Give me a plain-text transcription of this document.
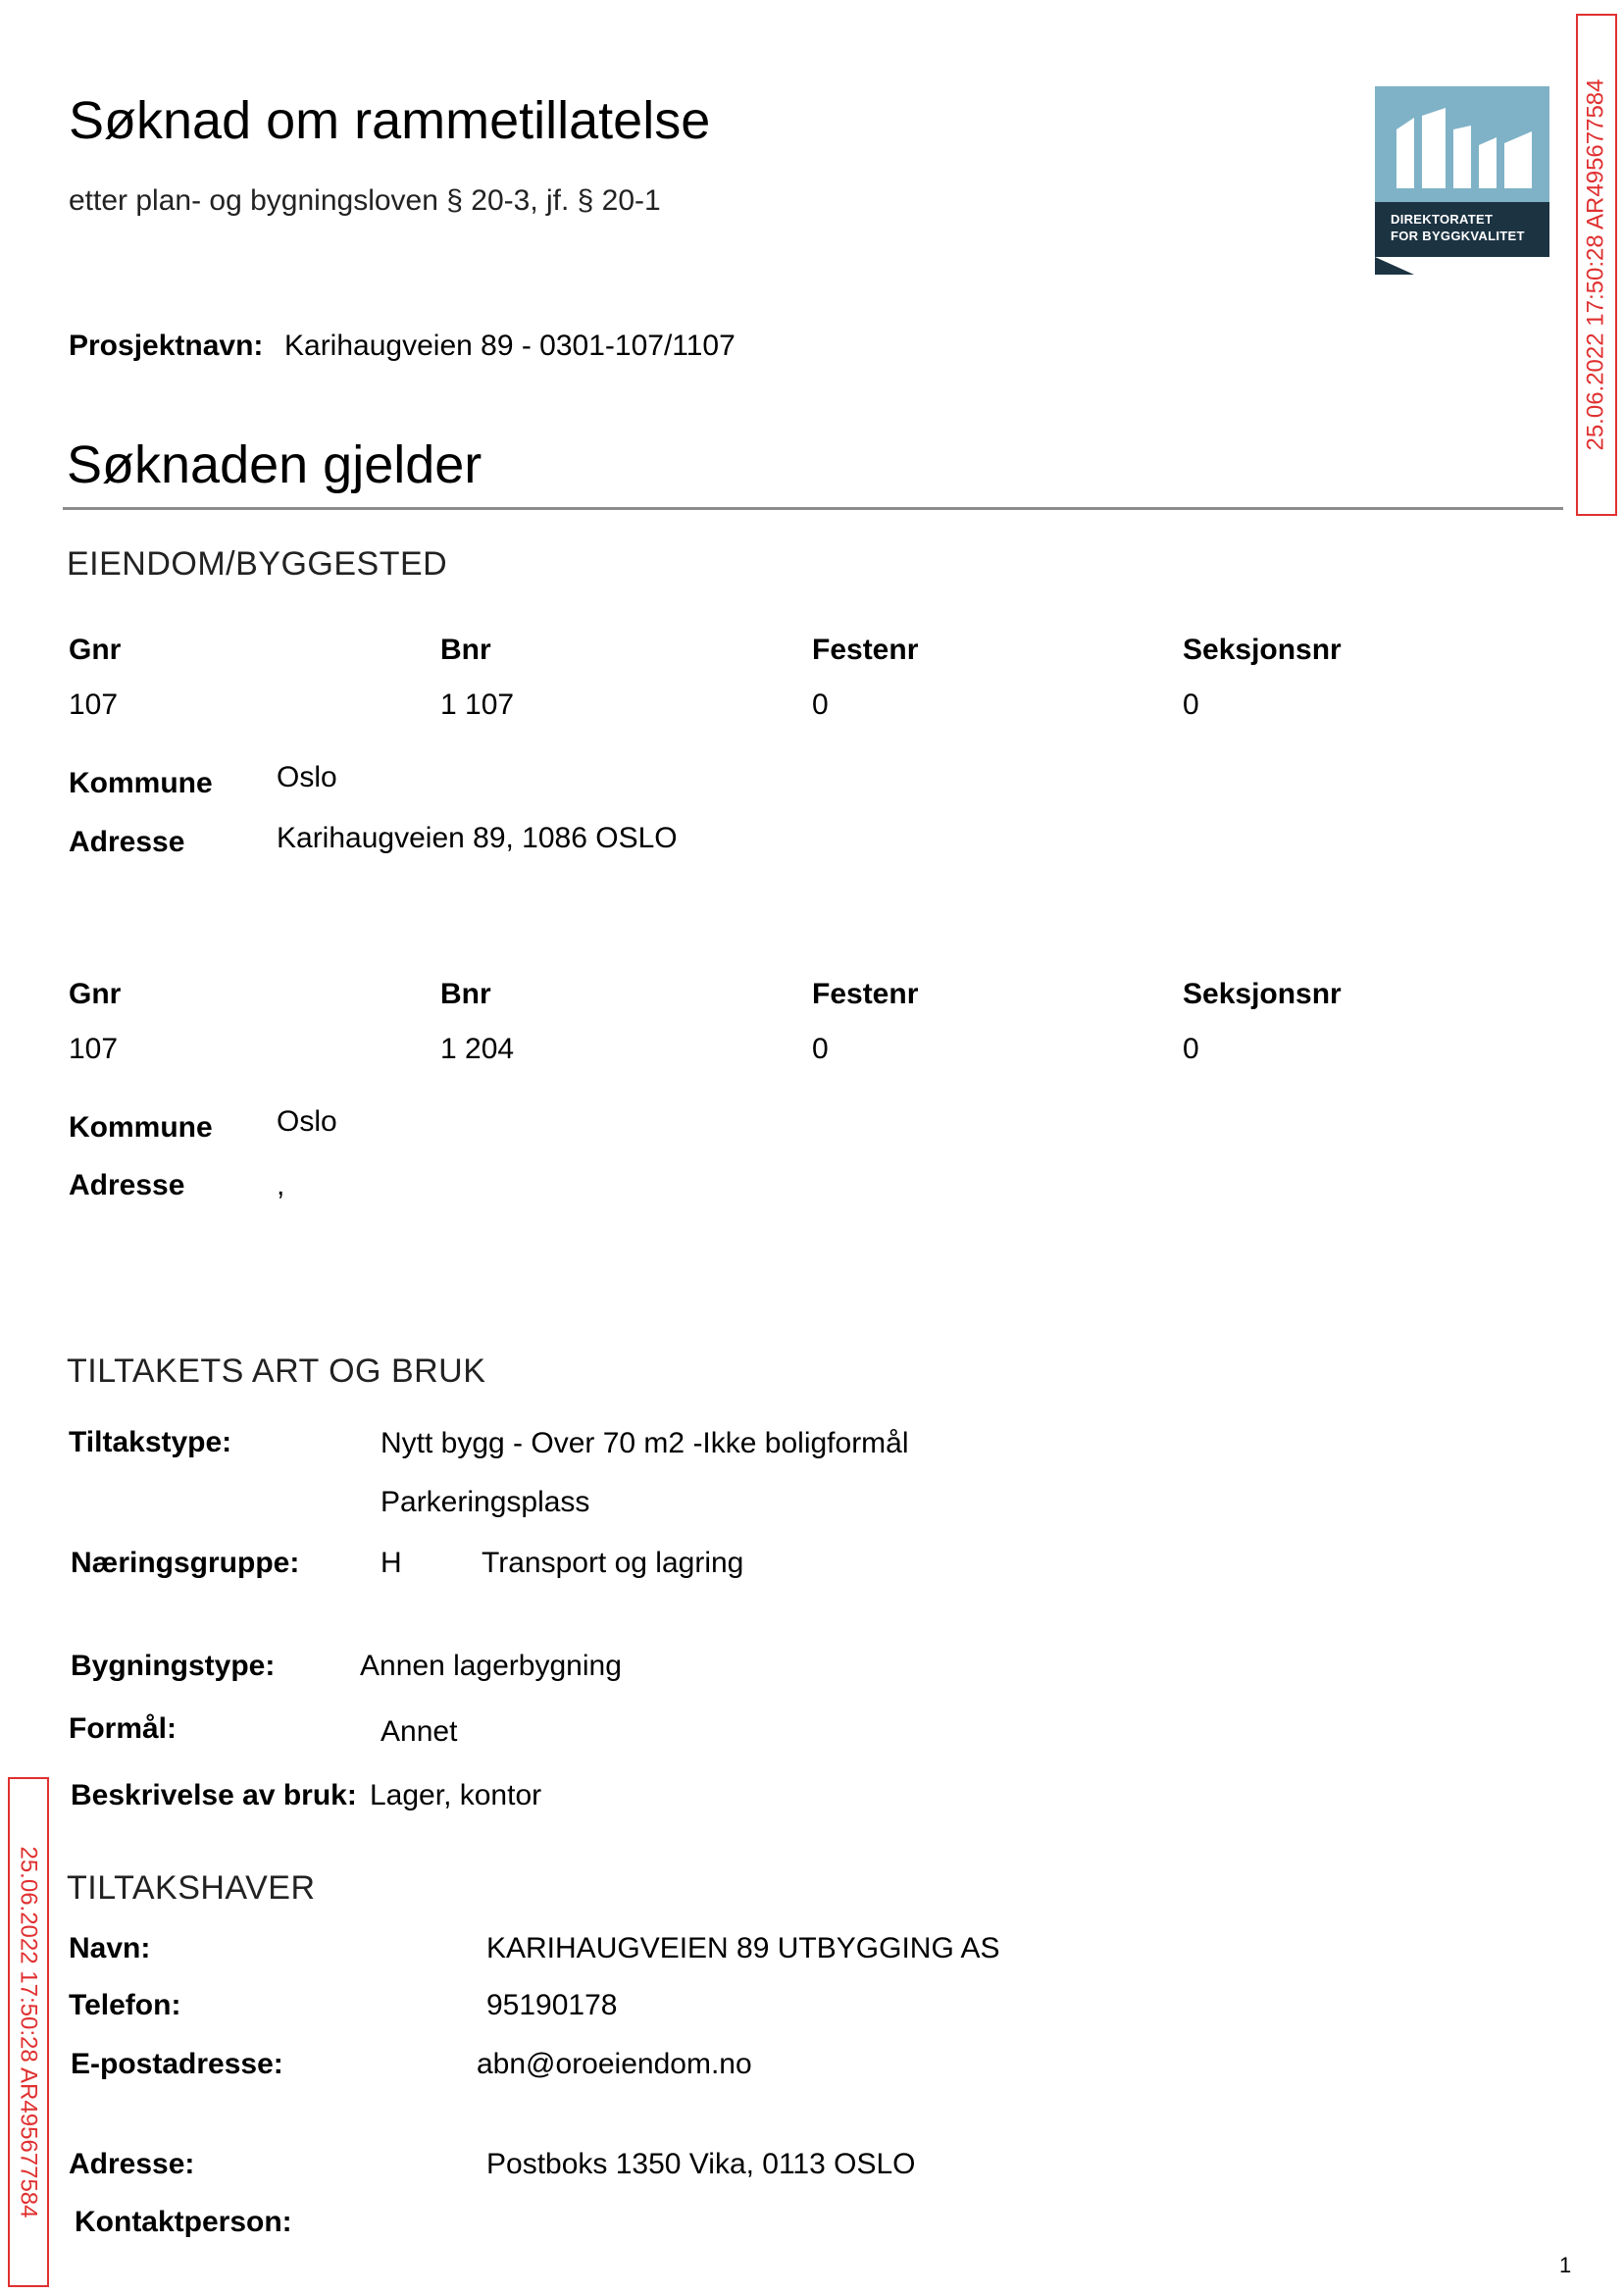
Søknad om rammetillatelse
etter plan- og bygningsloven § 20-3, jf. § 20-1
DIREKTORATET
FOR BYGGKVALITET 25.06.2022 17:50:28 AR495677584
25.06.2022 17:50:28 AR495677584
Prosjektnavn: Karihaugveien 89 - 0301-107/1107
Søknaden gjelder
EIENDOM/BYGGESTED
Gnr	Bnr	Festenr	Seksjonsnr
107	1 107	0	0
Kommune Oslo
Adresse	Karihaugveien 89, 1086 OSLO
Gnr	Bnr	Festenr	Seksjonsnr
107	1 204	0	0
Kommune Oslo
Adresse	,
TILTAKETS ART OG BRUK
Tiltakstype:	Nytt bygg - Over 70 m2 -Ikke boligformål
Parkeringsplass
Næringsgruppe:	H	Transport og lagring
Bygningstype:	Annen lagerbygning
Formål:	Annet
Beskrivelse av bruk: Lager, kontor
TILTAKSHAVER
Navn:	KARIHAUGVEIEN 89 UTBYGGING AS
Telefon:	95190178
E-postadresse:	abn@oroeiendom.no
Adresse:	Postboks 1350 Vika, 0113 OSLO
Kontaktperson:
1
